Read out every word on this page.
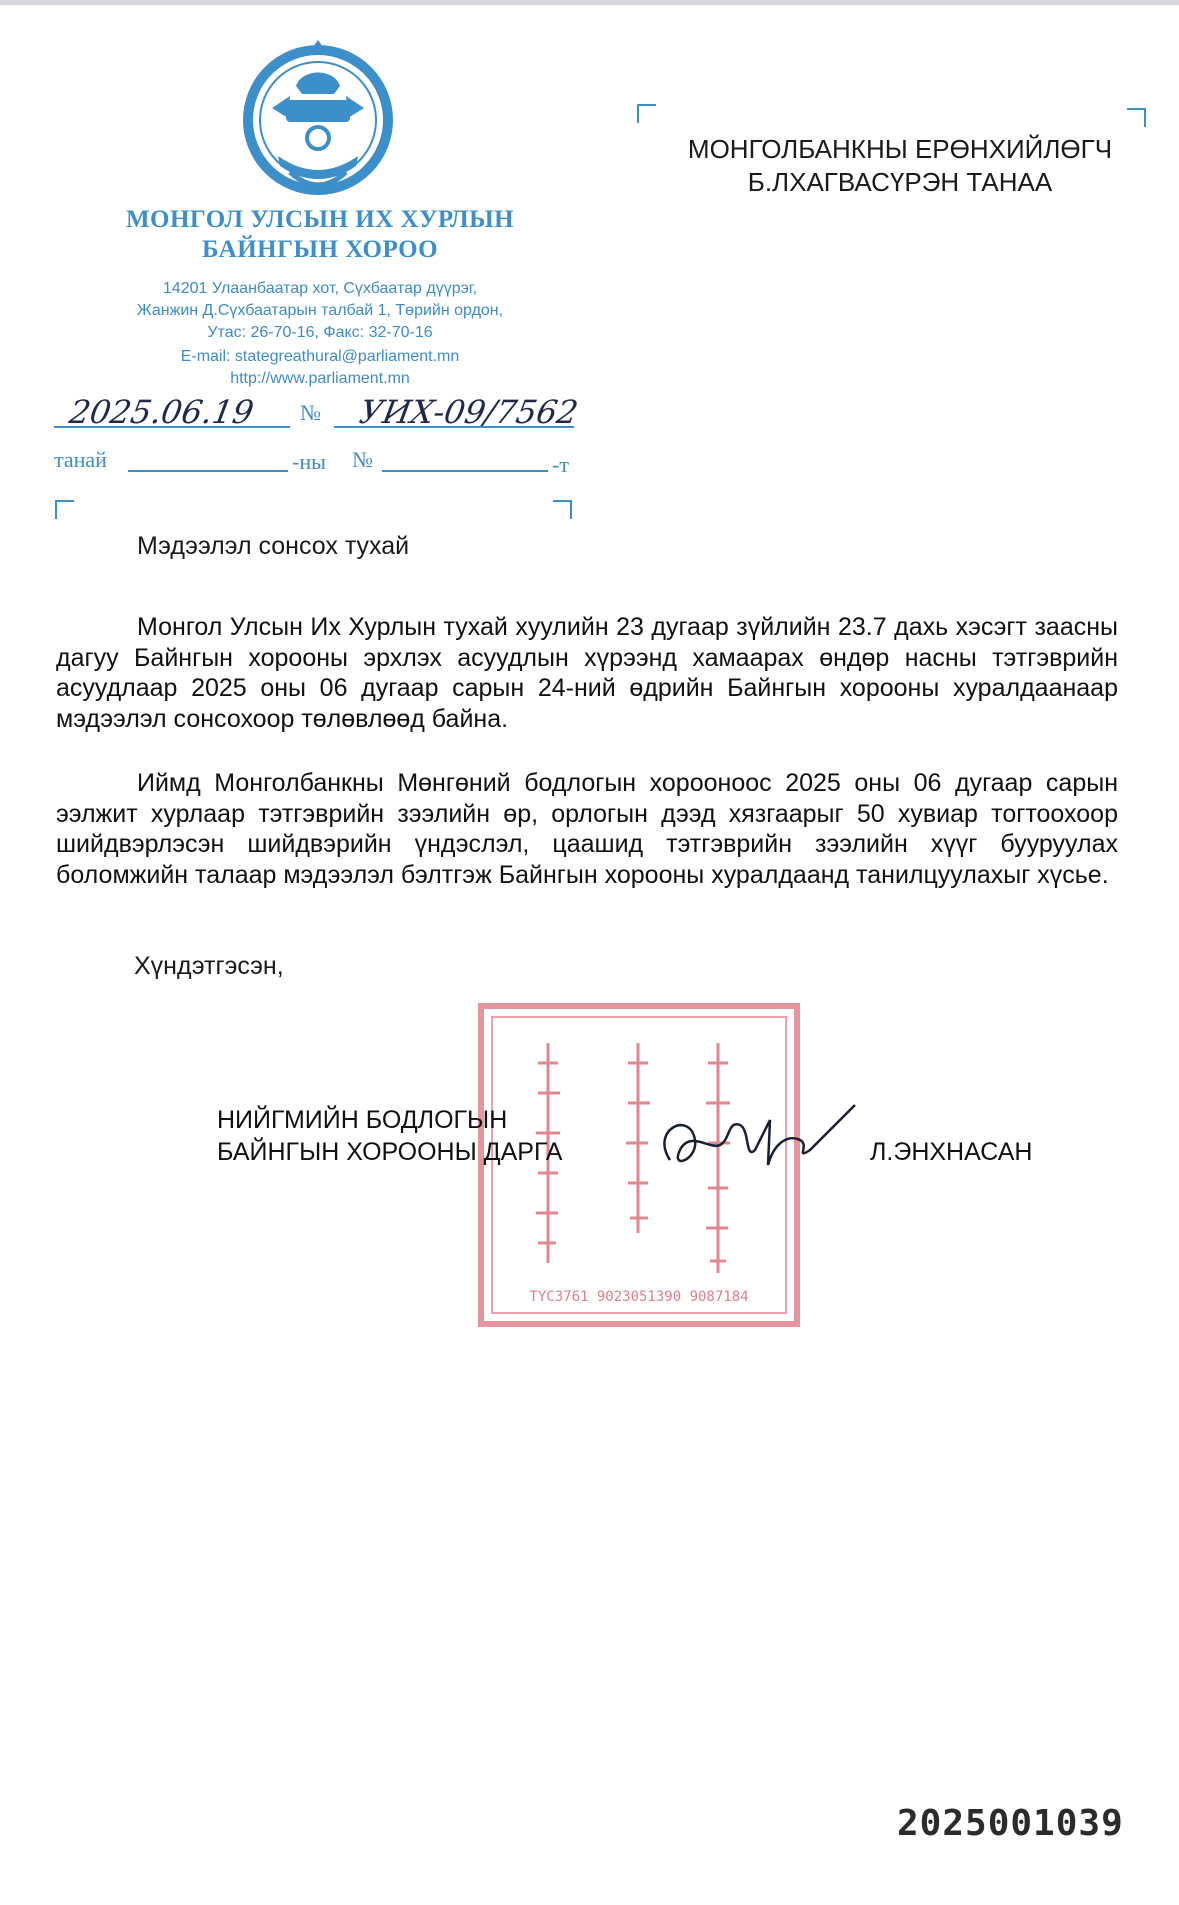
МОНГОЛ УЛСЫН ИХ ХУРЛЫН
БАЙНГЫН ХОРОО
14201 Улаанбаатар хот, Сүхбаатар дүүрэг,
Жанжин Д.Сүхбаатарын талбай 1, Төрийн ордон,
Утас: 26-70-16, Факс: 32-70-16
E-mail: stategreathural@parliament.mn
http://www.parliament.mn
2025.06.19 № УИХ-09/7562
танай	-ны №	-т
МОНГОЛБАНКНЫ ЕРӨНХИЙЛӨГЧ
Б.ЛХАГВАСҮРЭН ТАНАА
Мэдээлэл сонсох тухай
Монгол Улсын Их Хурлын тухай хуулийн 23 дугаар зүйлийн 23.7 дахь хэсэгт заасны дагуу Байнгын хорооны эрхлэх асуудлын хүрээнд хамаарах өндөр насны тэтгэврийн асуудлаар 2025 оны 06 дугаар сарын 24-ний өдрийн Байнгын хорооны хуралдаанаар мэдээлэл сонсохоор төлөвлөөд байна.
Иймд Монголбанкны Мөнгөний бодлогын хорооноос 2025 оны 06 дугаар сарын ээлжит хурлаар тэтгэврийн зээлийн өр, орлогын дээд хязгаарыг 50 хувиар тогтоохоор шийдвэрлэсэн шийдвэрийн үндэслэл, цаашид тэтгэврийн зээлийн хүүг бууруулах боломжийн талаар мэдээлэл бэлтгэж Байнгын хорооны хуралдаанд танилцуулахыг хүсье.
Хүндэтгэсэн,
ТҮС3761 9023051390 9087184
НИЙГМИЙН БОДЛОГЫН
БАЙНГЫН ХОРООНЫ ДАРГА	Л.ЭНХНАСАН
2025001039
